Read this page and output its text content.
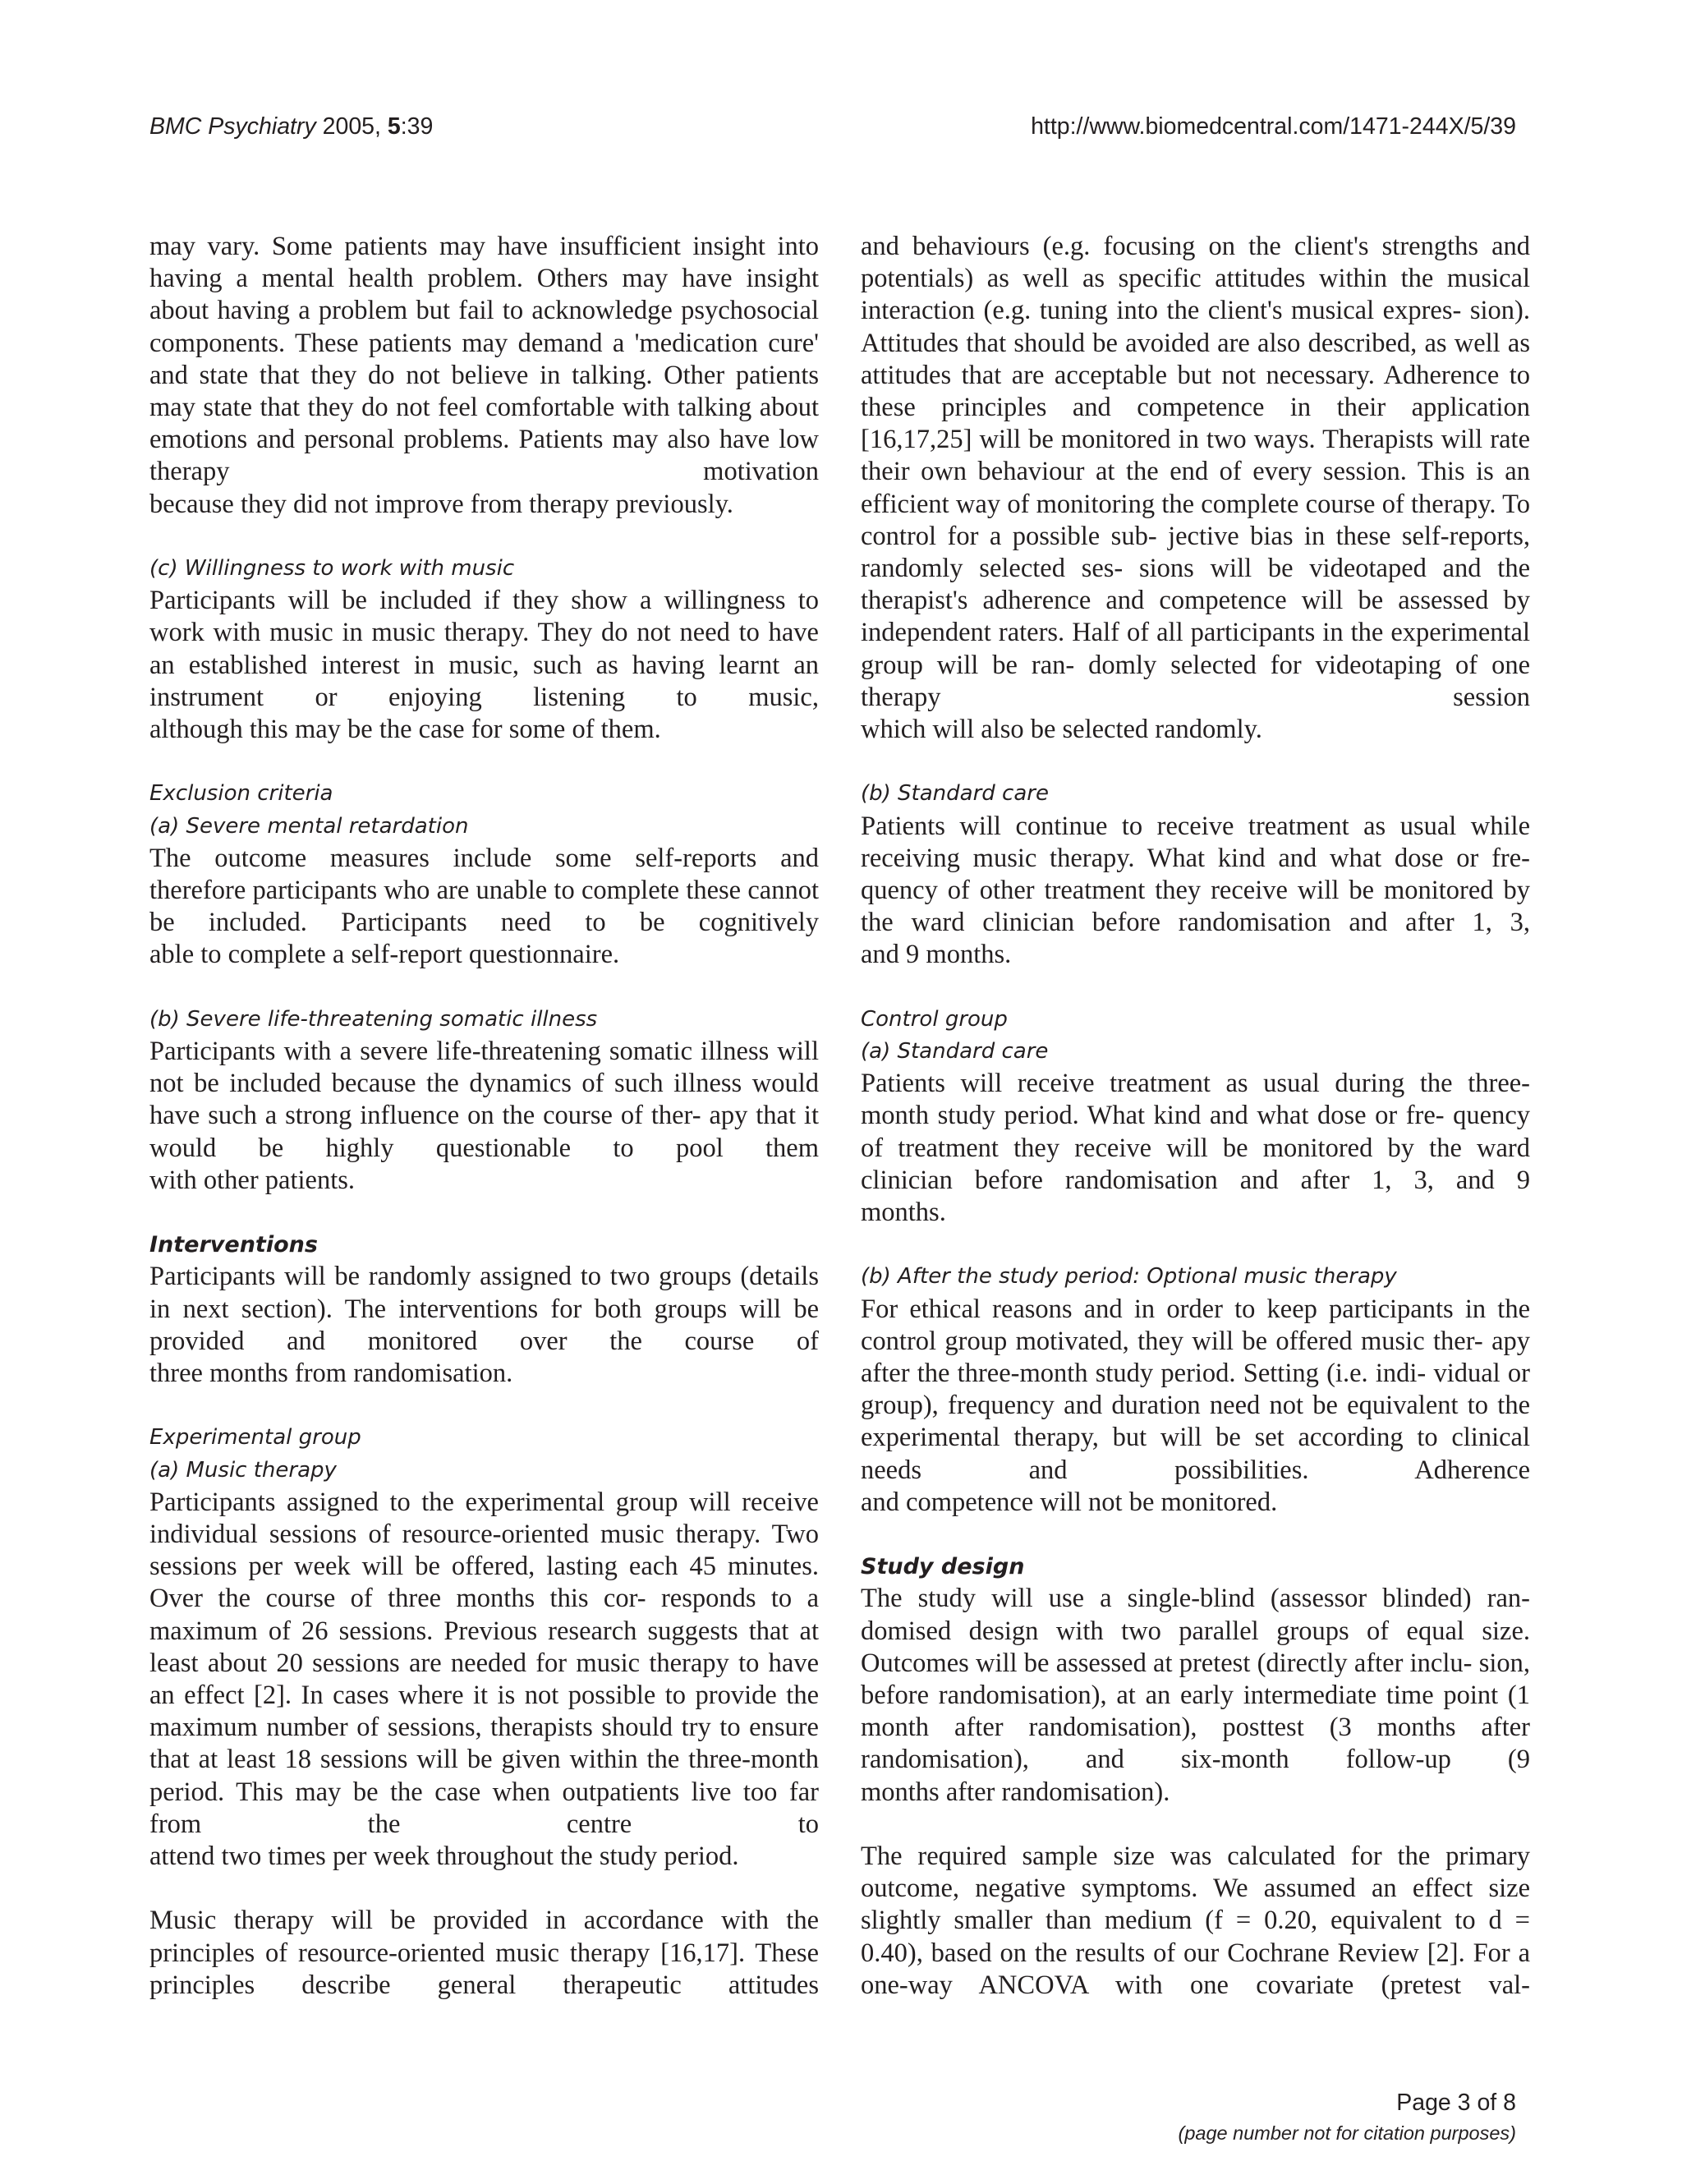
BMC Psychiatry 2005, 5:39	http://www.biomedcentral.com/1471-244X/5/39

may vary. Some patients may have insufficient insight into having a mental health problem. Others may have insight about having a problem but fail to acknowledge psychosocial components. These patients may demand a 'medication cure' and state that they do not believe in talking. Other patients may state that they do not feel comfortable with talking about emotions and personal problems. Patients may also have low therapy motivation
because they did not improve from therapy previously.

(c) Willingness to work with music

Participants will be included if they show a willingness to work with music in music therapy. They do not need to have an established interest in music, such as having learnt an instrument or enjoying listening to music,
although this may be the case for some of them.

Exclusion criteria
(a) Severe mental retardation

The outcome measures include some self-reports and therefore participants who are unable to complete these cannot be included. Participants need to be cognitively
able to complete a self-report questionnaire.

(b) Severe life-threatening somatic illness

Participants with a severe life-threatening somatic illness will not be included because the dynamics of such illness would have such a strong influence on the course of ther- apy that it would be highly questionable to pool them
with other patients.

Interventions

Participants will be randomly assigned to two groups (details in next section). The interventions for both groups will be provided and monitored over the course of
three months from randomisation.

Experimental group
(a) Music therapy

Participants assigned to the experimental group will receive individual sessions of resource-oriented music therapy. Two sessions per week will be offered, lasting each 45 minutes. Over the course of three months this cor- responds to a maximum of 26 sessions. Previous research suggests that at least about 20 sessions are needed for music therapy to have an effect [2]. In cases where it is not possible to provide the maximum number of sessions, therapists should try to ensure that at least 18 sessions will be given within the three-month period. This may be the case when outpatients live too far from the centre to
attend two times per week throughout the study period.

Music therapy will be provided in accordance with the principles of resource-oriented music therapy [16,17]. These principles describe general therapeutic attitudes

and behaviours (e.g. focusing on the client's strengths and potentials) as well as specific attitudes within the musical interaction (e.g. tuning into the client's musical expres- sion). Attitudes that should be avoided are also described, as well as attitudes that are acceptable but not necessary. Adherence to these principles and competence in their application [16,17,25] will be monitored in two ways. Therapists will rate their own behaviour at the end of every session. This is an efficient way of monitoring the complete course of therapy. To control for a possible sub- jective bias in these self-reports, randomly selected ses- sions will be videotaped and the therapist's adherence and competence will be assessed by independent raters. Half of all participants in the experimental group will be ran- domly selected for videotaping of one therapy session
which will also be selected randomly.

(b) Standard care

Patients will continue to receive treatment as usual while receiving music therapy. What kind and what dose or fre- quency of other treatment they receive will be monitored by the ward clinician before randomisation and after 1, 3,
and 9 months.

Control group
(a) Standard care

Patients will receive treatment as usual during the three- month study period. What kind and what dose or fre- quency of treatment they receive will be monitored by the ward clinician before randomisation and after 1, 3, and 9
months.

(b) After the study period: Optional music therapy

For ethical reasons and in order to keep participants in the control group motivated, they will be offered music ther- apy after the three-month study period. Setting (i.e. indi- vidual or group), frequency and duration need not be equivalent to the experimental therapy, but will be set according to clinical needs and possibilities. Adherence
and competence will not be monitored.

Study design

The study will use a single-blind (assessor blinded) ran- domised design with two parallel groups of equal size. Outcomes will be assessed at pretest (directly after inclu- sion, before randomisation), at an early intermediate time point (1 month after randomisation), posttest (3 months after randomisation), and six-month follow-up (9
months after randomisation).

The required sample size was calculated for the primary outcome, negative symptoms. We assumed an effect size slightly smaller than medium (f = 0.20, equivalent to d = 0.40), based on the results of our Cochrane Review [2]. For a one-way ANCOVA with one covariate (pretest val-

Page 3 of 8
(page number not for citation purposes)
